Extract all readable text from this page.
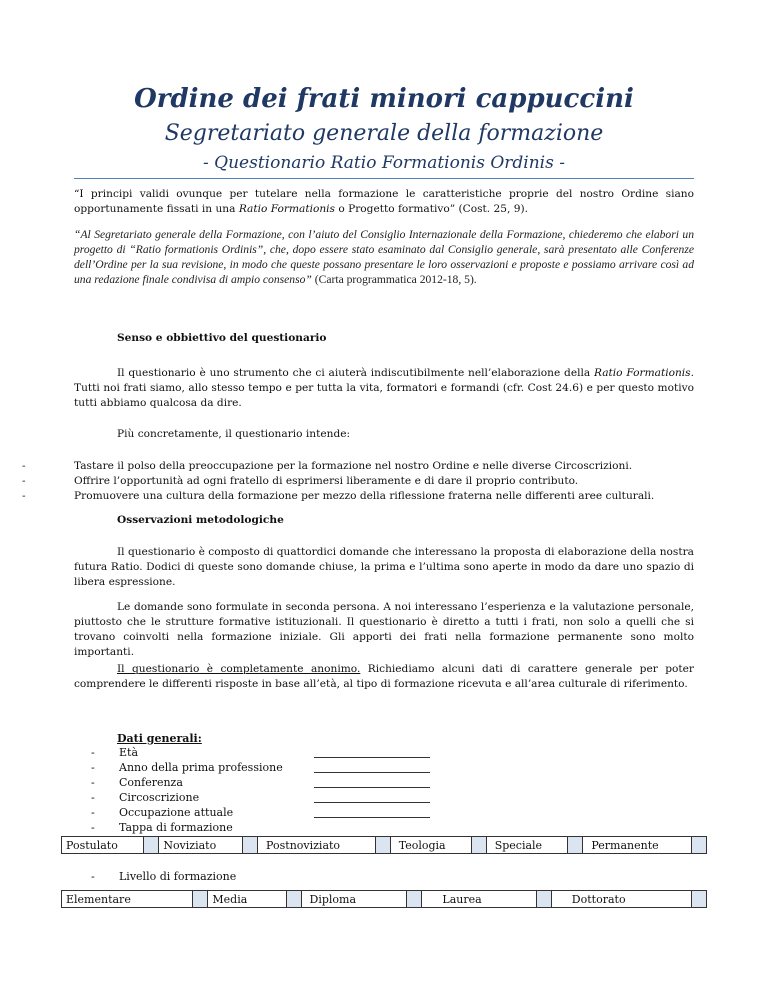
Ordine dei frati minori cappuccini
Segretariato generale della formazione
- Questionario Ratio Formationis Ordinis -
“I principi validi ovunque per tutelare nella formazione le caratteristiche proprie del nostro Ordine siano opportunamente fissati in una Ratio Formationis o Progetto formativo” (Cost. 25, 9).
“Al Segretariato generale della Formazione, con l’aiuto del Consiglio Internazionale della Formazione, chiederemo che elabori un progetto di “Ratio formationis Ordinis”, che, dopo essere stato esaminato dal Consiglio generale, sarà presentato alle Conferenze dell’Ordine per la sua revisione, in modo che queste possano presentare le loro osservazioni e proposte e possiamo arrivare così ad una redazione finale condivisa di ampio consenso” (Carta programmatica 2012-18, 5).
Senso e obbiettivo del questionario
Il questionario è uno strumento che ci aiuterà indiscutibilmente nell’elaborazione della Ratio Formationis. Tutti noi frati siamo, allo stesso tempo e per tutta la vita, formatori e formandi (cfr. Cost 24.6) e per questo motivo tutti abbiamo qualcosa da dire.
Più concretamente, il questionario intende:
-	Tastare il polso della preoccupazione per la formazione nel nostro Ordine e nelle diverse Circoscrizioni.
-	Offrire l’opportunità ad ogni fratello di esprimersi liberamente e di dare il proprio contributo.
-	Promuovere una cultura della formazione per mezzo della riflessione fraterna nelle differenti aree culturali.
Osservazioni metodologiche
Il questionario è composto di quattordici domande che interessano la proposta di elaborazione della nostra futura Ratio. Dodici di queste sono domande chiuse, la prima e l’ultima sono aperte in modo da dare uno spazio di libera espressione.
Le domande sono formulate in seconda persona. A noi interessano l’esperienza e la valutazione personale, piuttosto che le strutture formative istituzionali. Il questionario è diretto a tutti i frati, non solo a quelli che si trovano coinvolti nella formazione iniziale. Gli apporti dei frati nella formazione permanente sono molto importanti.
Il questionario è completamente anonimo. Richiediamo alcuni dati di carattere generale per poter comprendere le differenti risposte in base all’età, al tipo di formazione ricevuta e all’area culturale di riferimento.
Dati generali:
- Età
- Anno della prima professione
- Conferenza
- Circoscrizione
- Occupazione attuale
- Tappa di formazione
Postulato		Noviziato		Postnoviziato		Teologia		Speciale		Permanente	
- Livello di formazione
Elementare		Media		Diploma		Laurea		Dottorato	
